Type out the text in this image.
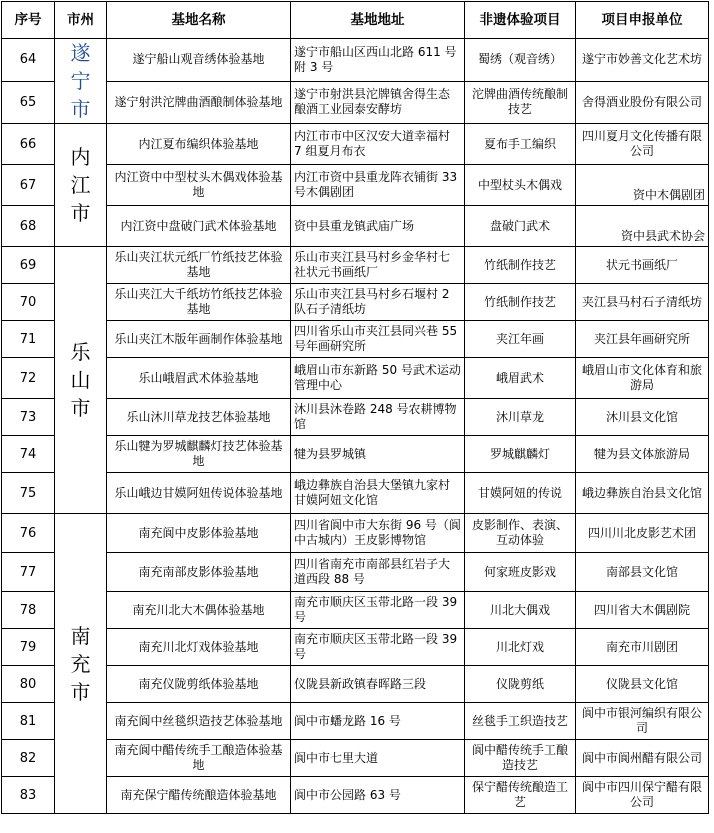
序号	市州	基地名称	基地地址	非遗体验项目	项目申报单位
64	遂宁市	遂宁船山观音绣体验基地	遂宁市船山区西山北路 611 号附 3 号	蜀绣（观音绣）	遂宁市妙善文化艺术坊
65		遂宁射洪沱牌曲酒酿制体验基地	遂宁市射洪县沱牌镇舍得生态酿酒工业园泰安酵坊	沱牌曲酒传统酿制技艺	舍得酒业股份有限公司
66	内江市	内江夏布编织体验基地	内江市市中区汉安大道幸福村 7 组夏月布衣	夏布手工编织	四川夏月文化传播有限公司
67		内江资中中型杖头木偶戏体验基地	内江市资中县重龙阵衣铺街 33 号木偶剧团	中型杖头木偶戏	资中木偶剧团
68		内江资中盘破门武术体验基地	资中县重龙镇武庙广场	盘破门武术	资中县武术协会
69	乐山市	乐山夹江状元纸厂竹纸技艺体验基地	乐山市夹江县马村乡金华村七社状元书画纸厂	竹纸制作技艺	状元书画纸厂
70		乐山夹江大千纸坊竹纸技艺体验基地	乐山市夹江县马村乡石堰村 2 队石子清纸坊	竹纸制作技艺	夹江县马村石子清纸坊
71		乐山夹江木版年画制作体验基地	四川省乐山市夹江县同兴巷 55 号年画研究所	夹江年画	夹江县年画研究所
72		乐山峨眉武术体验基地	峨眉山市东新路 50 号武术运动管理中心	峨眉武术	峨眉山市文化体育和旅游局
73		乐山沐川草龙技艺体验基地	沐川县沐卷路 248 号农耕博物馆	沐川草龙	沐川县文化馆
74		乐山犍为罗城麒麟灯技艺体验基地	犍为县罗城镇	罗城麒麟灯	犍为县文体旅游局
75		乐山峨边甘嫫阿妞传说体验基地	峨边彝族自治县大堡镇九家村甘嫫阿妞文化馆	甘嫫阿妞的传说	峨边彝族自治县文化馆
76	南充市	南充阆中皮影体验基地	四川省阆中市大东街 96 号（阆中古城内）王皮影博物馆	皮影制作、表演、互动体验	四川川北皮影艺术团
77		南充南部皮影体验基地	四川省南充市南部县红岩子大道西段 88 号	何家班皮影戏	南部县文化馆
78		南充川北大木偶体验基地	南充市顺庆区玉带北路一段 39 号	川北大偶戏	四川省大木偶剧院
79		南充川北灯戏体验基地	南充市顺庆区玉带北路一段 39 号	川北灯戏	南充市川剧团
80		南充仪陇剪纸体验基地	仪陇县新政镇春晖路三段	仪陇剪纸	仪陇县文化馆
81		南充阆中丝毯织造技艺体验基地	阆中市蟠龙路 16 号	丝毯手工织造技艺	阆中市银河编织有限公司
82		南充阆中醋传统手工酿造体验基地	阆中市七里大道	阆中醋传统手工酿造技艺	阆中市阆州醋有限公司
83		南充保宁醋传统酿造体验基地	阆中市公园路 63 号	保宁醋传统酿造工艺	阆中市四川保宁醋有限公司
